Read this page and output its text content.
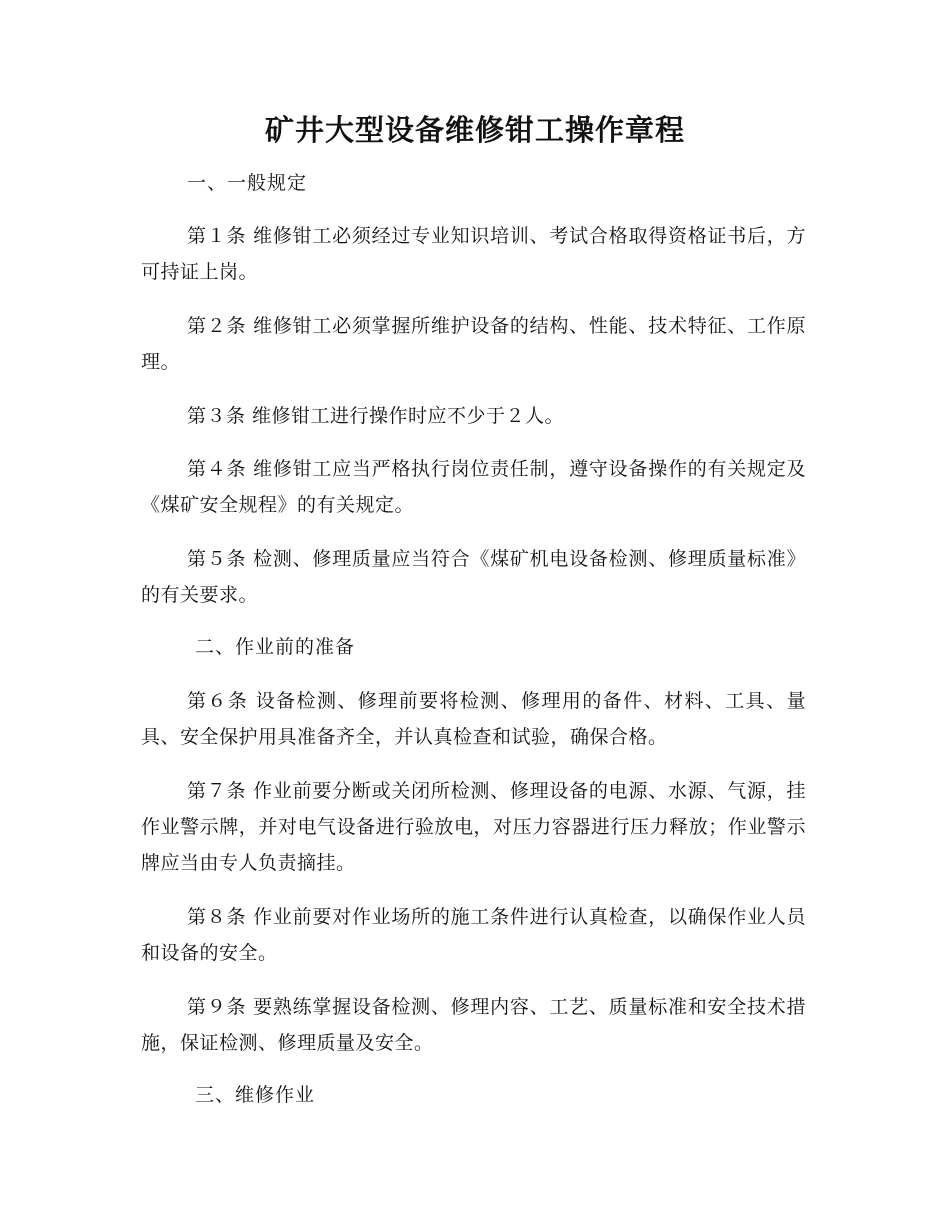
矿井大型设备维修钳工操作章程
一、一般规定
第１条 维修钳工必须经过专业知识培训、考试合格取得资格证书后，方可持证上岗。
第２条 维修钳工必须掌握所维护设备的结构、性能、技术特征、工作原理。
第３条 维修钳工进行操作时应不少于２人。
第４条 维修钳工应当严格执行岗位责任制，遵守设备操作的有关规定及《煤矿安全规程》的有关规定。
第５条 检测、修理质量应当符合《煤矿机电设备检测、修理质量标准》的有关要求。
二、作业前的准备
第６条 设备检测、修理前要将检测、修理用的备件、材料、工具、量具、安全保护用具准备齐全，并认真检查和试验，确保合格。
第７条 作业前要分断或关闭所检测、修理设备的电源、水源、气源，挂作业警示牌，并对电气设备进行验放电，对压力容器进行压力释放；作业警示牌应当由专人负责摘挂。
第８条 作业前要对作业场所的施工条件进行认真检查，以确保作业人员和设备的安全。
第９条 要熟练掌握设备检测、修理内容、工艺、质量标准和安全技术措施，保证检测、修理质量及安全。
三、维修作业
